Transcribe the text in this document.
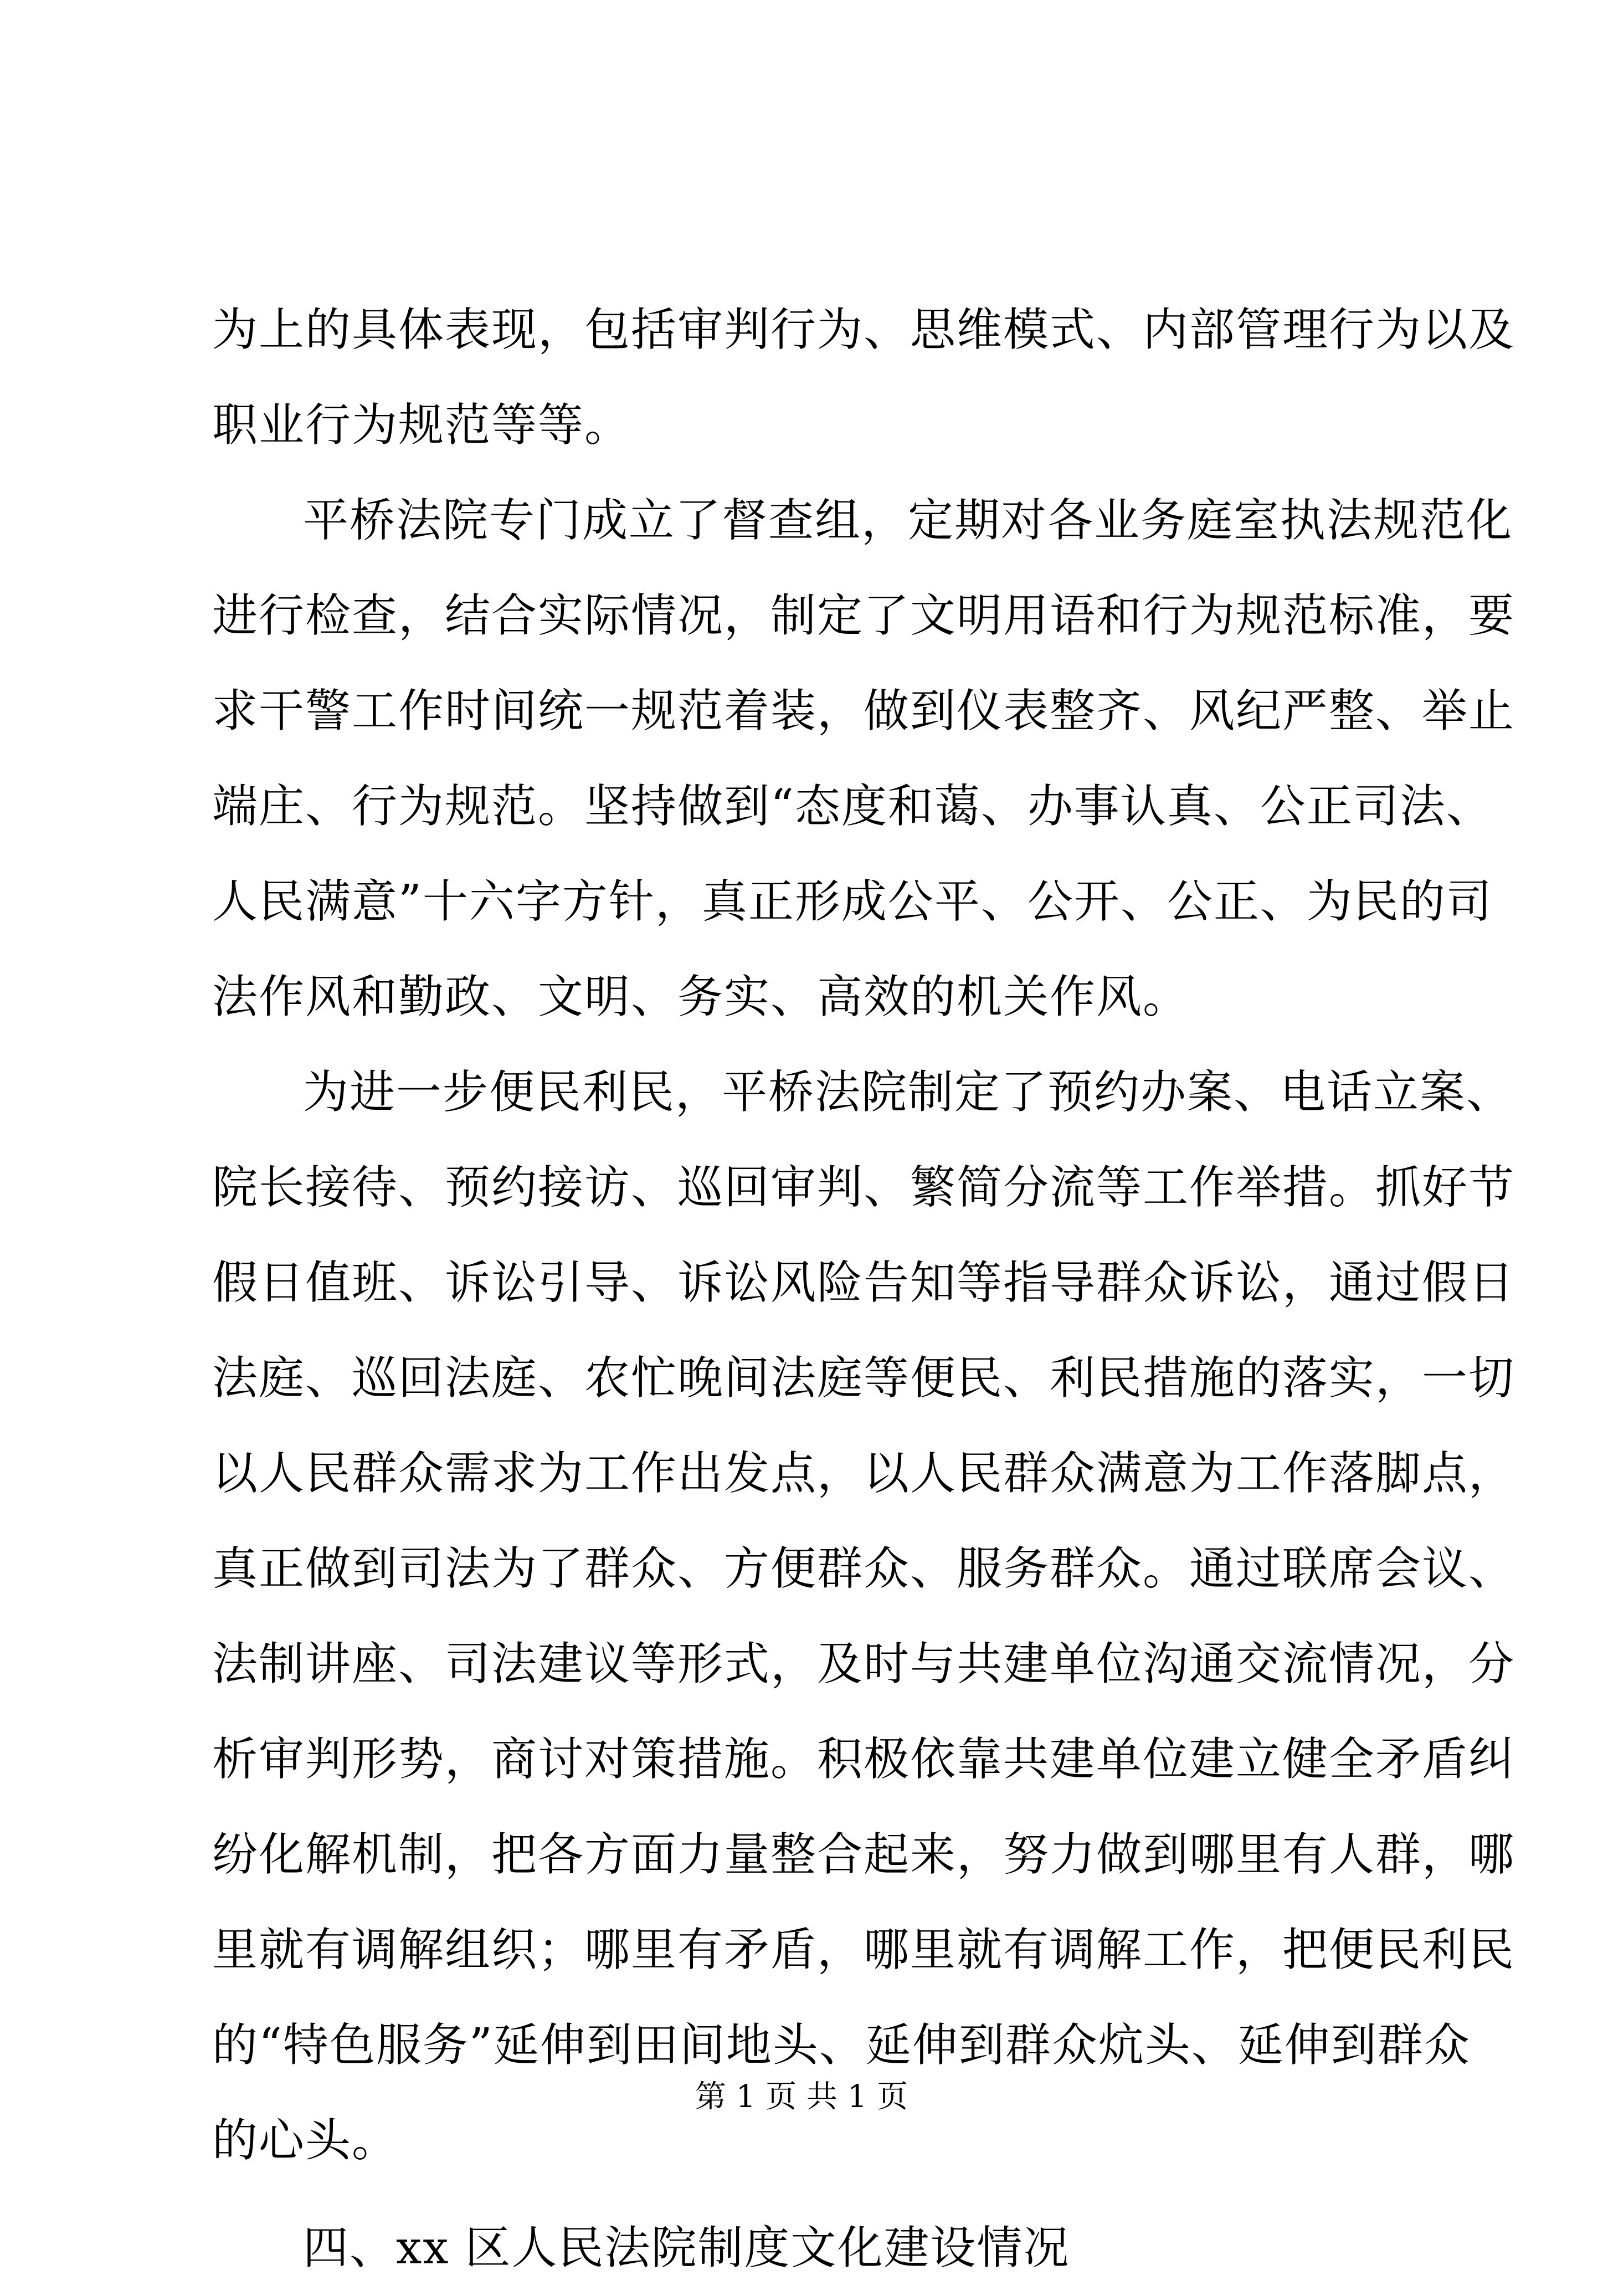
为上的具体表现，包括审判行为、思维模式、内部管理行为以及
职业行为规范等等。
平桥法院专门成立了督查组，定期对各业务庭室执法规范化
进行检查，结合实际情况，制定了文明用语和行为规范标准，要
求干警工作时间统一规范着装，做到仪表整齐、风纪严整、举止
端庄、行为规范。坚持做到“态度和蔼、办事认真、公正司法、
人民满意”十六字方针，真正形成公平、公开、公正、为民的司
法作风和勤政、文明、务实、高效的机关作风。
为进一步便民利民，平桥法院制定了预约办案、电话立案、
院长接待、预约接访、巡回审判、繁简分流等工作举措。抓好节
假日值班、诉讼引导、诉讼风险告知等指导群众诉讼，通过假日
法庭、巡回法庭、农忙晚间法庭等便民、利民措施的落实，一切
以人民群众需求为工作出发点，以人民群众满意为工作落脚点，
真正做到司法为了群众、方便群众、服务群众。通过联席会议、
法制讲座、司法建议等形式，及时与共建单位沟通交流情况，分
析审判形势，商讨对策措施。积极依靠共建单位建立健全矛盾纠
纷化解机制，把各方面力量整合起来，努力做到哪里有人群，哪
里就有调解组织；哪里有矛盾，哪里就有调解工作，把便民利民
的“特色服务”延伸到田间地头、延伸到群众炕头、延伸到群众
的心头。
四、xx 区人民法院制度文化建设情况
第 1 页 共 1 页
